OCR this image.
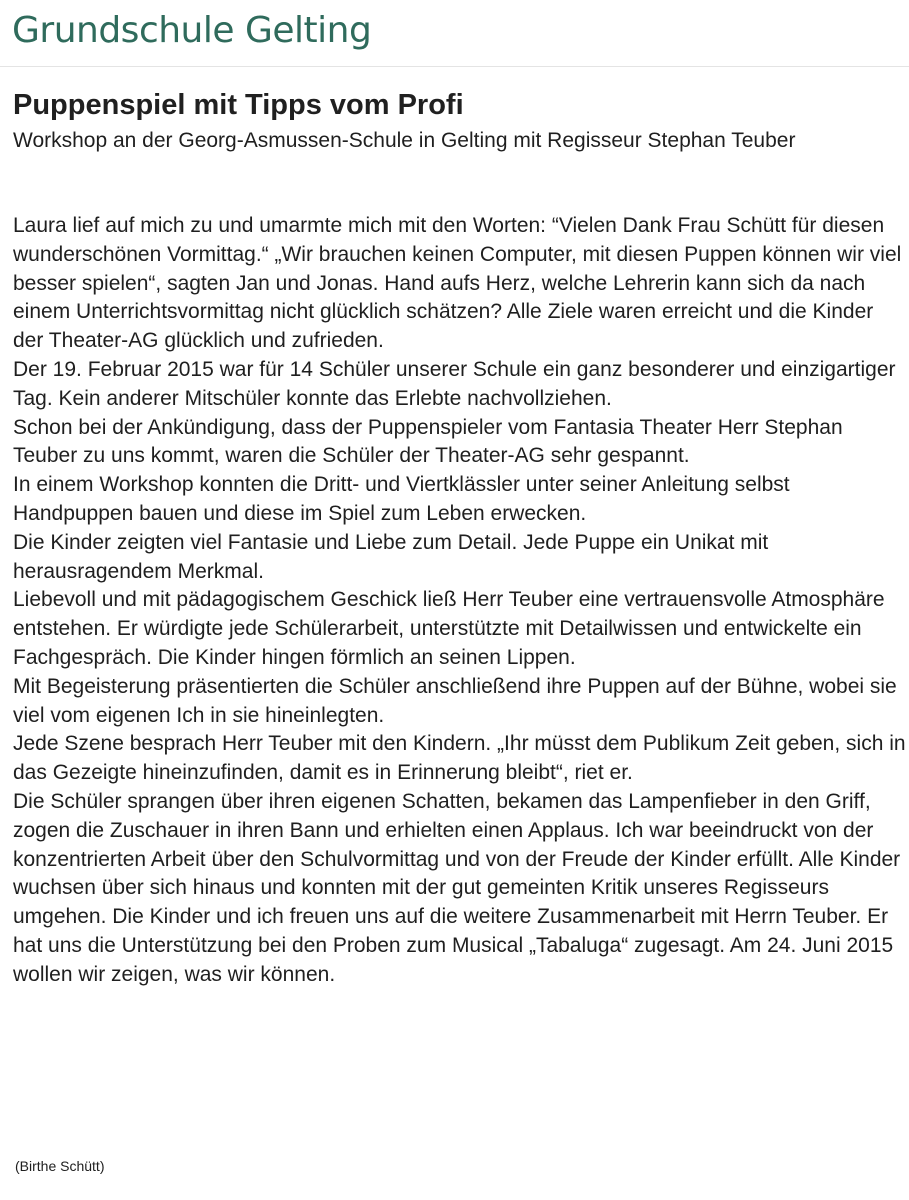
Grundschule Gelting
Puppenspiel mit Tipps vom Profi

Workshop an der Georg-Asmussen-Schule in Gelting mit Regisseur Stephan Teuber

Laura lief auf mich zu und umarmte mich mit den Worten: “Vielen Dank Frau Schütt für diesen wunderschönen Vormittag.“ „Wir brauchen keinen Computer, mit diesen Puppen können wir viel besser spielen“, sagten Jan und Jonas. Hand aufs Herz, welche Lehrerin kann sich da nach einem Unterrichtsvormittag nicht glücklich schätzen? Alle Ziele waren erreicht und die Kinder der Theater-AG glücklich und zufrieden.

Der 19. Februar 2015 war für 14 Schüler unserer Schule ein ganz besonderer und einzigartiger Tag. Kein anderer Mitschüler konnte das Erlebte nachvollziehen.

Schon bei der Ankündigung, dass der Puppenspieler vom Fantasia Theater Herr Stephan Teuber zu uns kommt, waren die Schüler der Theater-AG sehr gespannt.

In einem Workshop konnten die Dritt- und Viertklässler unter seiner Anleitung selbst Handpuppen bauen und diese im Spiel zum Leben erwecken.

Die Kinder zeigten viel Fantasie und Liebe zum Detail. Jede Puppe ein Unikat mit herausragendem Merkmal.

Liebevoll und mit pädagogischem Geschick ließ Herr Teuber eine vertrauensvolle Atmosphäre entstehen. Er würdigte jede Schülerarbeit, unterstützte mit Detailwissen und entwickelte ein Fachgespräch. Die Kinder hingen förmlich an seinen Lippen.

Mit Begeisterung präsentierten die Schüler anschließend ihre Puppen auf der Bühne, wobei sie viel vom eigenen Ich in sie hineinlegten.

Jede Szene besprach Herr Teuber mit den Kindern. „Ihr müsst dem Publikum Zeit geben, sich in das Gezeigte hineinzufinden, damit es in Erinnerung bleibt“, riet er.

Die Schüler sprangen über ihren eigenen Schatten, bekamen das Lampenfieber in den Griff, zogen die Zuschauer in ihren Bann und erhielten einen Applaus. Ich war beeindruckt von der konzentrierten Arbeit über den Schulvormittag und von der Freude der Kinder erfüllt. Alle Kinder wuchsen über sich hinaus und konnten mit der gut gemeinten Kritik unseres Regisseurs umgehen. Die Kinder und ich freuen uns auf die weitere Zusammenarbeit mit Herrn Teuber. Er hat uns die Unterstützung bei den Proben zum Musical „Tabaluga“ zugesagt. Am 24. Juni 2015 wollen wir zeigen, was wir können.

(Birthe Schütt)
